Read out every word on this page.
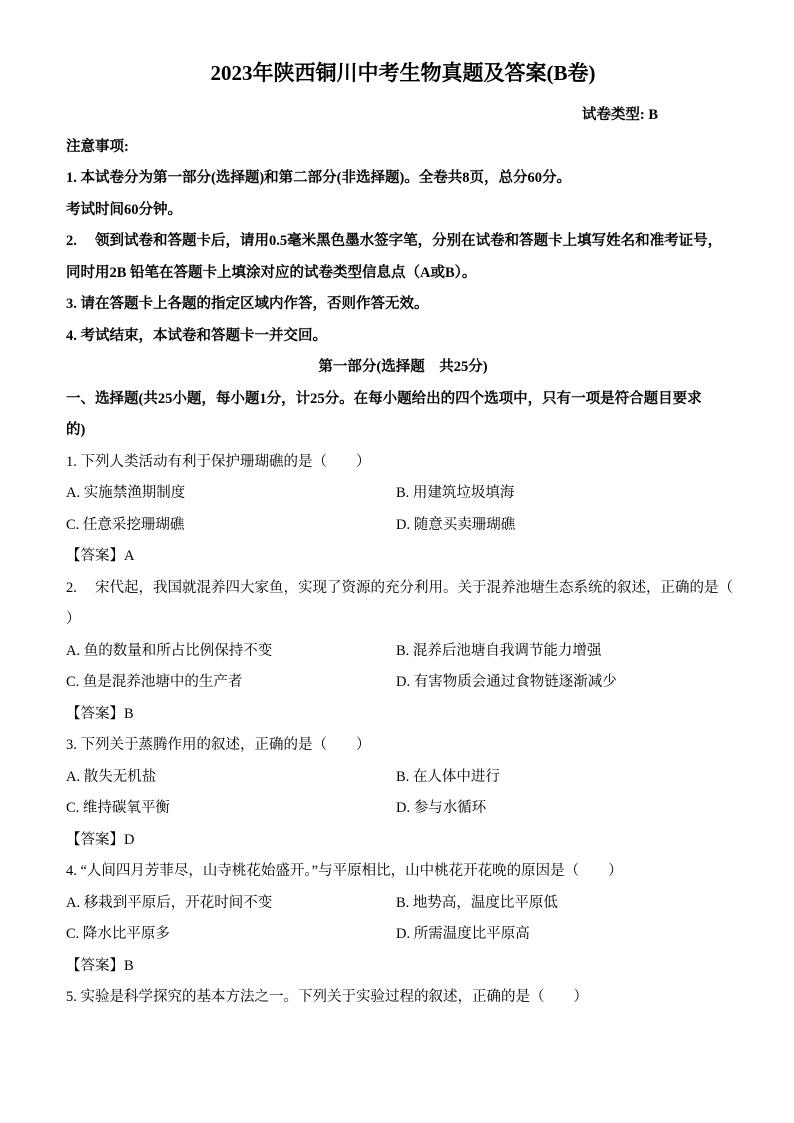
2023年陕西铜川中考生物真题及答案(B卷)
试卷类型: B
注意事项:
1. 本试卷分为第一部分(选择题)和第二部分(非选择题)。全卷共8页，总分60分。
考试时间60分钟。
2.　 领到试卷和答题卡后，请用0.5毫米黑色墨水签字笔，分别在试卷和答题卡上填写姓名和准考证号，
同时用2B 铅笔在答题卡上填涂对应的试卷类型信息点（A或B）。
3. 请在答题卡上各题的指定区域内作答，否则作答无效。
4. 考试结束，本试卷和答题卡一并交回。
第一部分(选择题　共25分)
一、选择题(共25小题，每小题1分，计25分。在每小题给出的四个选项中，只有一项是符合题目要求
的)
1. 下列人类活动有利于保护珊瑚礁的是（　　）
A. 实施禁渔期制度	B. 用建筑垃圾填海
C. 任意采挖珊瑚礁	D. 随意买卖珊瑚礁
【答案】A
2.　 宋代起，我国就混养四大家鱼，实现了资源的充分利用。关于混养池塘生态系统的叙述，正确的是（
）
A. 鱼的数量和所占比例保持不变	B. 混养后池塘自我调节能力增强
C. 鱼是混养池塘中的生产者	D. 有害物质会通过食物链逐渐减少
【答案】B
3. 下列关于蒸腾作用的叙述，正确的是（　　）
A. 散失无机盐	B. 在人体中进行
C. 维持碳氧平衡	D. 参与水循环
【答案】D
4. “人间四月芳菲尽，山寺桃花始盛开。”与平原相比，山中桃花开花晚的原因是（　　）
A. 移栽到平原后，开花时间不变	B. 地势高，温度比平原低
C. 降水比平原多	D. 所需温度比平原高
【答案】B
5. 实验是科学探究的基本方法之一。下列关于实验过程的叙述，正确的是（　　）
